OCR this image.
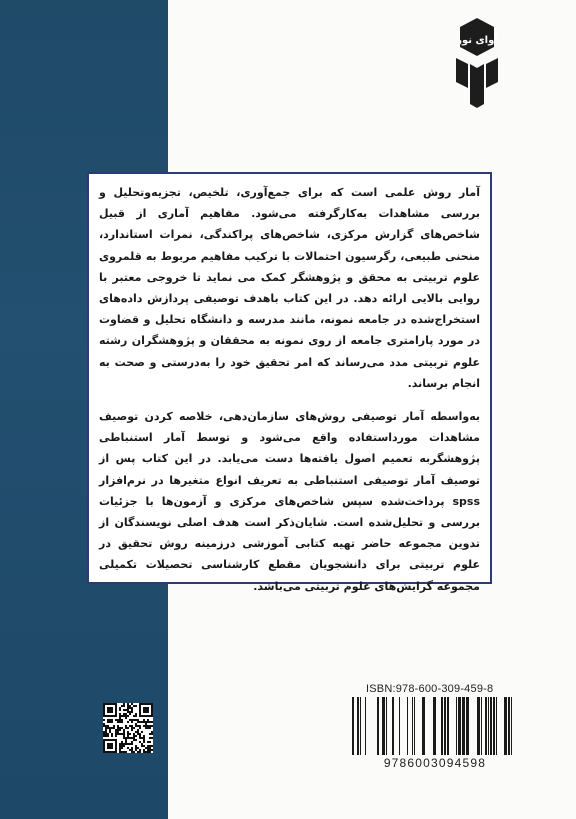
آوای نور

آمار روش علمی است که برای جمع‌آوری، تلخیص، تجزیه‌وتحلیل و بررسی مشاهدات به‌کارگرفته می‌شود. مفاهیم آماری از قبیل شاخص‌های گزارش مرکزی، شاخص‌های پراکندگی، نمرات استاندارد، منحنی طبیعی، رگرسیون احتمالات با ترکیب مفاهیم مربوط به قلمروی علوم تربیتی به محقق و پژوهشگر کمک می نماید تا خروجی معتبر با روایی بالایی ارائه دهد. در این کتاب باهدف توصیفی پردازش داده‌های استخراج‌شده در جامعه نمونه، مانند مدرسه و دانشگاه تحلیل و قضاوت در مورد پارامتری جامعه از روی نمونه به محققان و پژوهشگران رشته علوم تربیتی مدد می‌رساند که امر تحقیق خود را به‌درستی و صحت به انجام برساند.

به‌واسطه آمار توصیفی روش‌های سازمان‌دهی، خلاصه کردن توصیف مشاهدات مورداستفاده واقع می‌شود و توسط آمار استنباطی پژوهشگربه تعمیم اصول یافته‌ها دست می‌یابد. در این کتاب پس از توصیف آمار توصیفی استنباطی به تعریف انواع متغیرها در نرم‌افزار spss پرداخت‌شده سپس شاخص‌های مرکزی و آزمون‌ها با جزئیات بررسی و تحلیل‌شده است. شایان‌ذکر است هدف اصلی نویسندگان از تدوین مجموعه حاضر تهیه کتابی آموزشی درزمینه روش تحقیق در علوم تربیتی برای دانشجویان مقطع کارشناسی تحصیلات تکمیلی مجموعه گرایش‌های علوم تربیتی می‌باشد.

ISBN:978-600-309-459-8
9786003094598
